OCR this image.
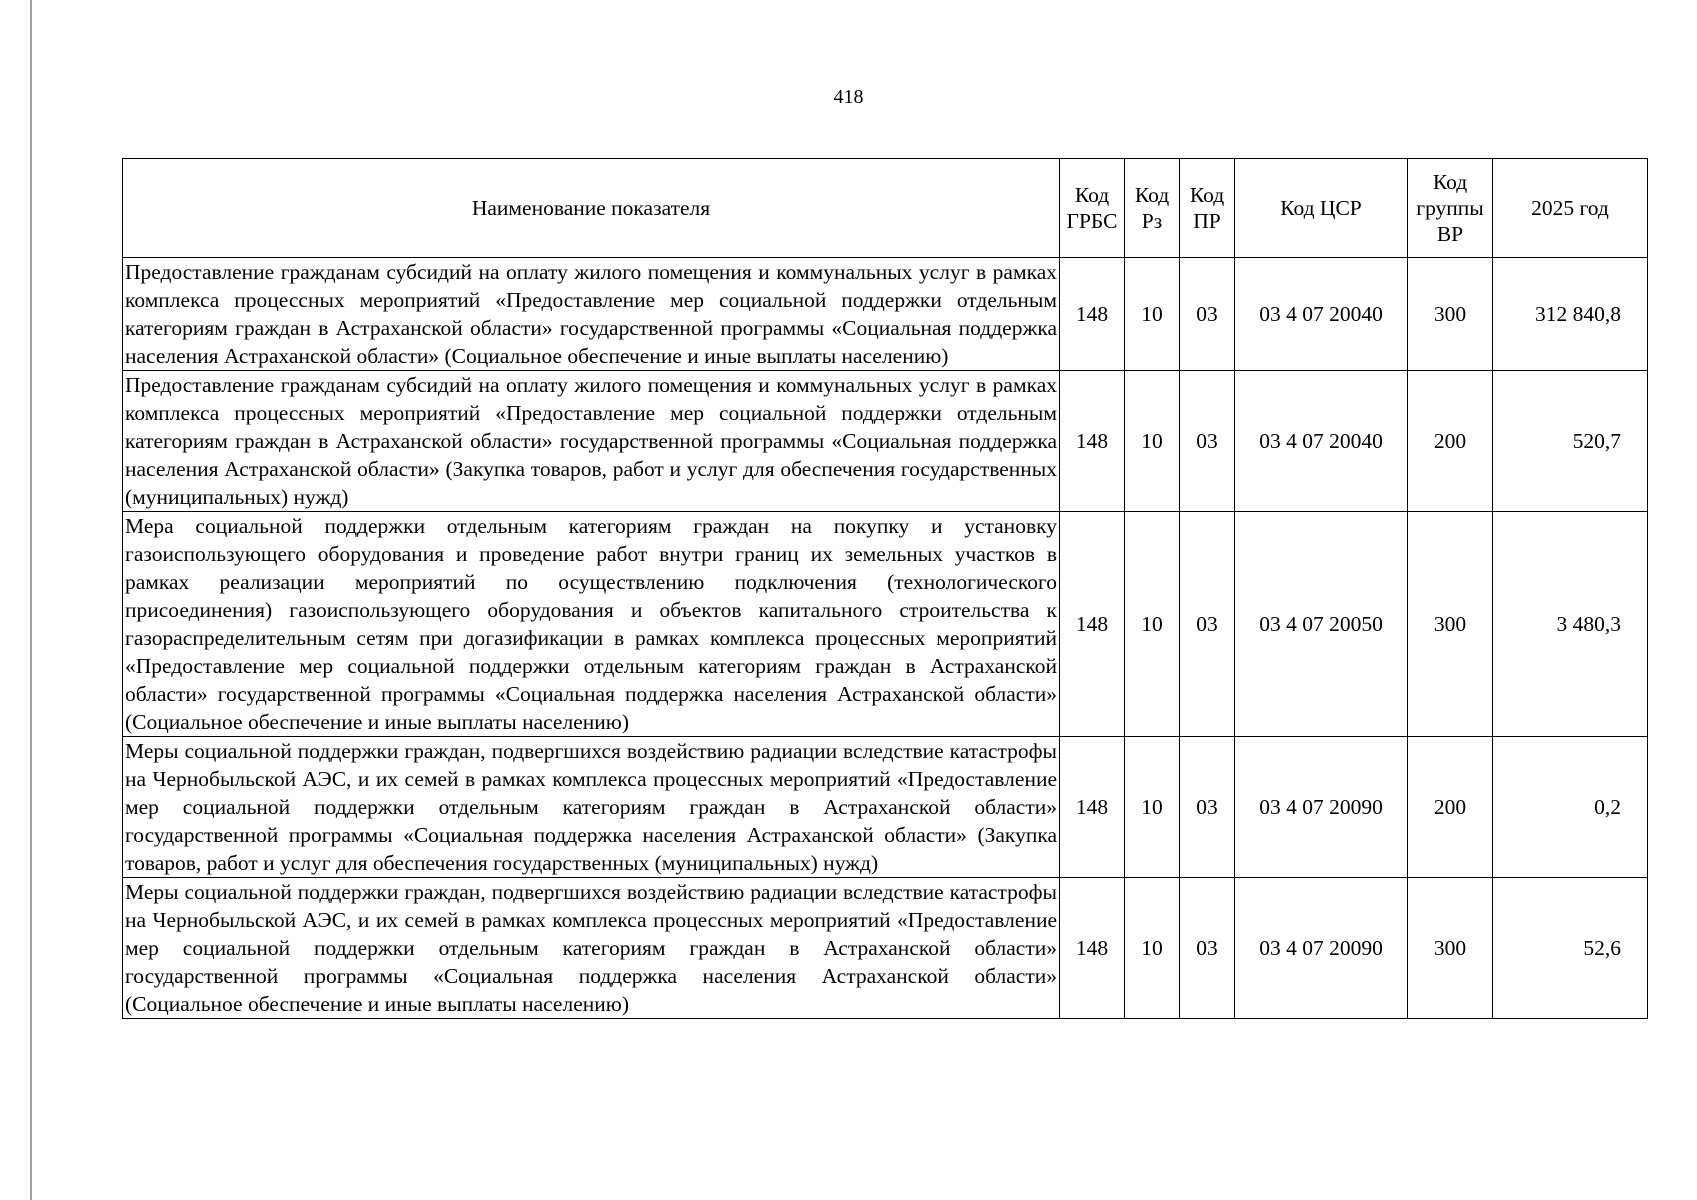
418
Наименование показателя	Код ГРБС	Код Рз	Код ПР	Код ЦСР	Код группы ВР	2025 год
Предоставление гражданам субсидий на оплату жилого помещения и коммунальных услуг в рамках комплекса процессных мероприятий «Предоставление мер социальной поддержки отдельным категориям граждан в Астраханской области» государственной программы «Социальная поддержка населения Астраханской области» (Социальное обеспечение и иные выплаты населению)	148	10	03	03 4 07 20040	300	312 840,8
Предоставление гражданам субсидий на оплату жилого помещения и коммунальных услуг в рамках комплекса процессных мероприятий «Предоставление мер социальной поддержки отдельным категориям граждан в Астраханской области» государственной программы «Социальная поддержка населения Астраханской области» (Закупка товаров, работ и услуг для обеспечения государственных (муниципальных) нужд)	148	10	03	03 4 07 20040	200	520,7
Мера социальной поддержки отдельным категориям граждан на покупку и установку газоиспользующего оборудования и проведение работ внутри границ их земельных участков в рамках реализации мероприятий по осуществлению подключения (технологического присоединения) газоиспользующего оборудования и объектов капитального строительства к газораспределительным сетям при догазификации в рамках комплекса процессных мероприятий «Предоставление мер социальной поддержки отдельным категориям граждан в Астраханской области» государственной программы «Социальная поддержка населения Астраханской области» (Социальное обеспечение и иные выплаты населению)	148	10	03	03 4 07 20050	300	3 480,3
Меры социальной поддержки граждан, подвергшихся воздействию радиации вследствие катастрофы на Чернобыльской АЭС, и их семей в рамках комплекса процессных мероприятий «Предоставление мер социальной поддержки отдельным категориям граждан в Астраханской области» государственной программы «Социальная поддержка населения Астраханской области» (Закупка товаров, работ и услуг для обеспечения государственных (муниципальных) нужд)	148	10	03	03 4 07 20090	200	0,2
Меры социальной поддержки граждан, подвергшихся воздействию радиации вследствие катастрофы на Чернобыльской АЭС, и их семей в рамках комплекса процессных мероприятий «Предоставление мер социальной поддержки отдельным категориям граждан в Астраханской области» государственной программы «Социальная поддержка населения Астраханской области» (Социальное обеспечение и иные выплаты населению)	148	10	03	03 4 07 20090	300	52,6
